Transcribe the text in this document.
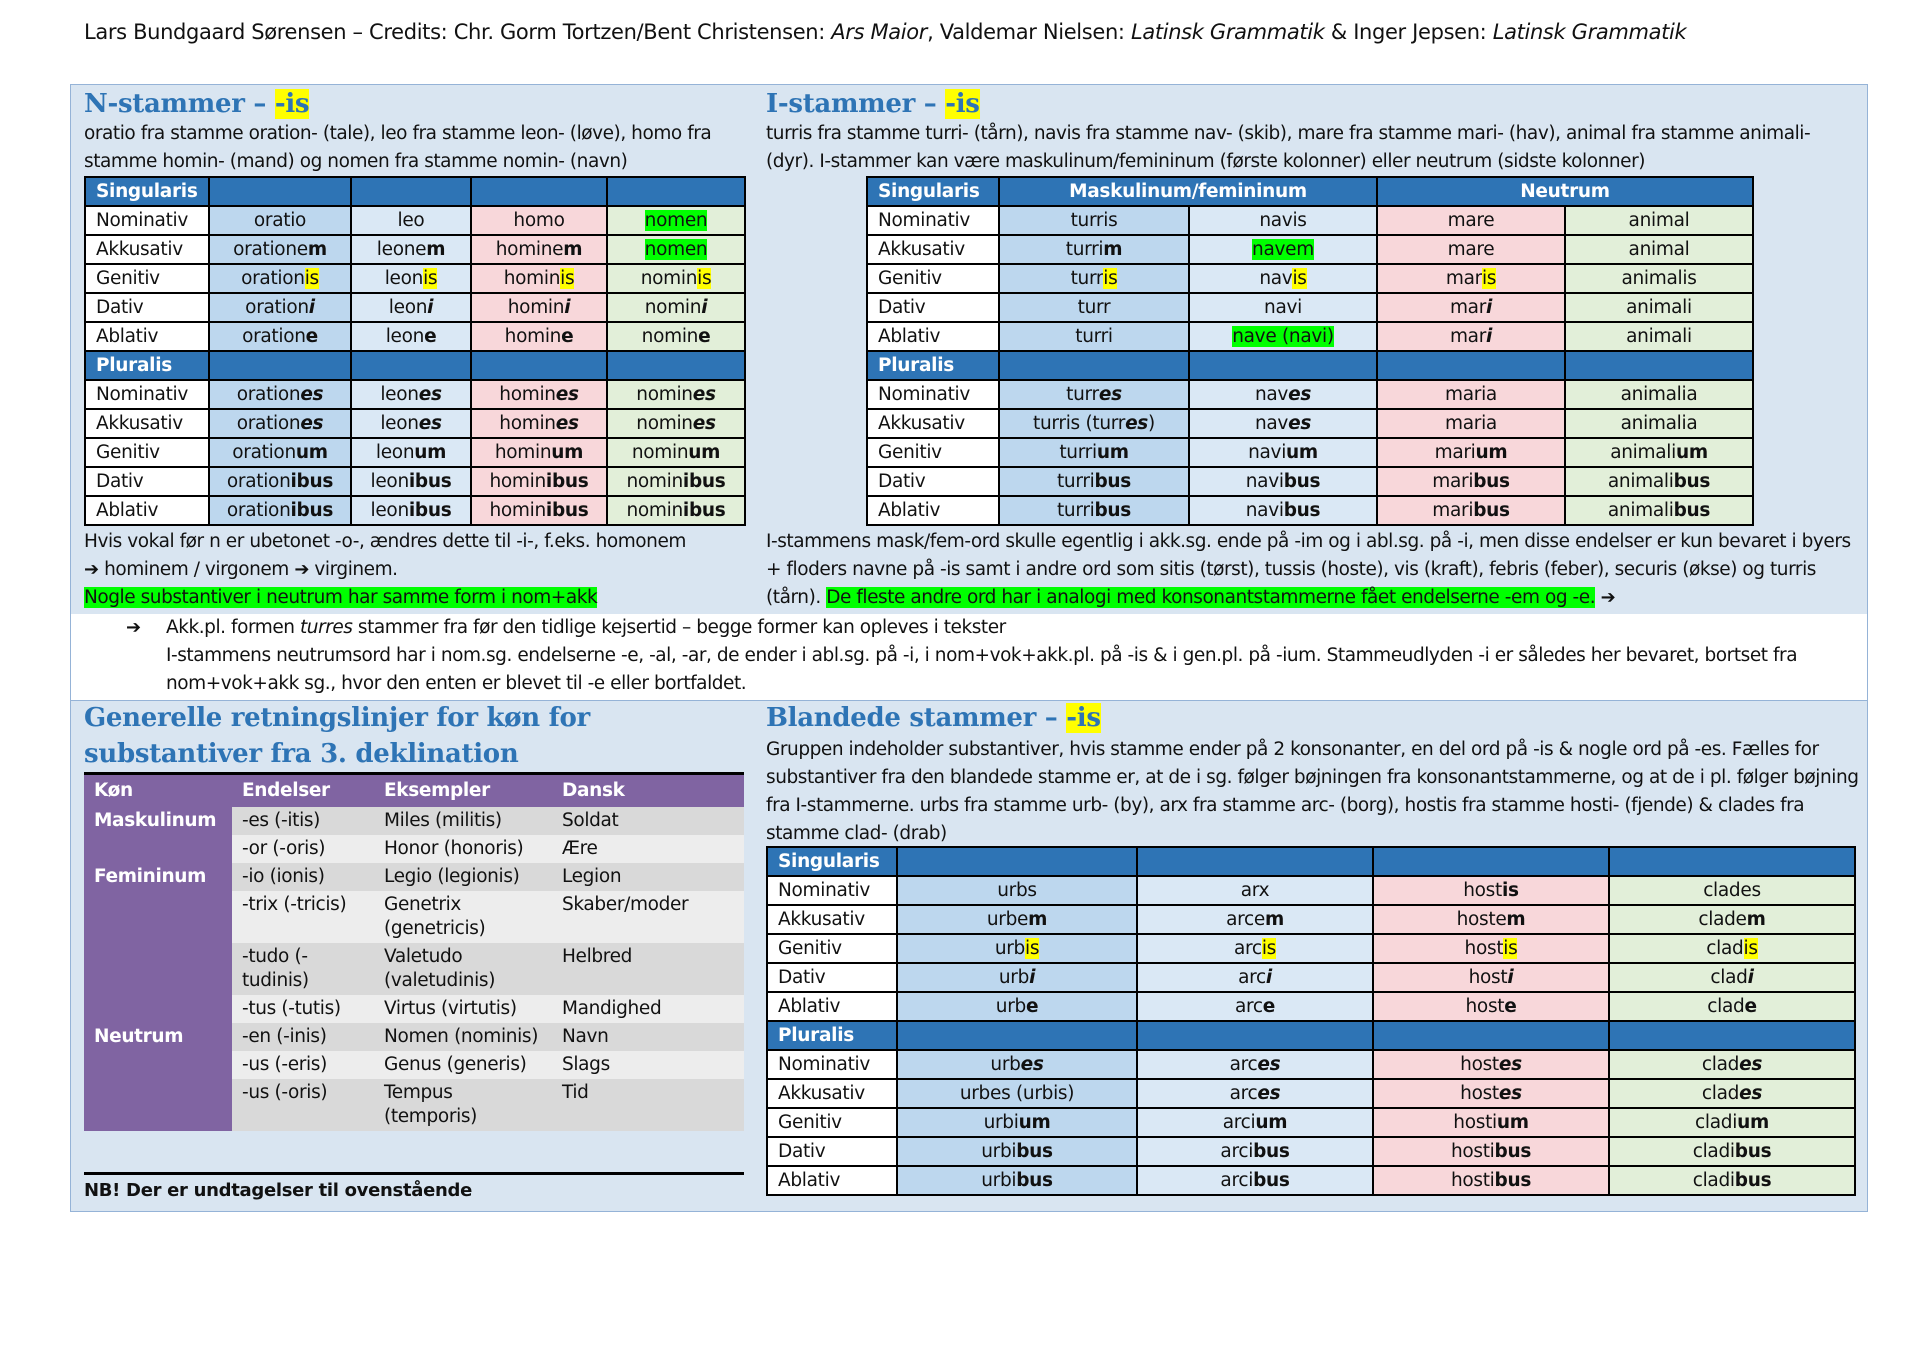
Lars Bundgaard Sørensen – Credits: Chr. Gorm Tortzen/Bent Christensen: Ars Maior, Valdemar Nielsen: Latinsk Grammatik & Inger Jepsen: Latinsk Grammatik
N-stammer – -is
oratio fra stamme oration- (tale), leo fra stamme leon- (løve), homo fra stamme homin- (mand) og nomen fra stamme nomin- (navn)
Singularis				
Nominativ	oratio	leo	homo	nomen
Akkusativ	orationem	leonem	hominem	nomen
Genitiv	orationis	leonis	hominis	nominis
Dativ	orationi	leoni	homini	nomini
Ablativ	oratione	leone	homine	nomine
Pluralis				
Nominativ	orationes	leones	homines	nomines
Akkusativ	orationes	leones	homines	nomines
Genitiv	orationum	leonum	hominum	nominum
Dativ	orationibus	leonibus	hominibus	nominibus
Ablativ	orationibus	leonibus	hominibus	nominibus
Hvis vokal før n er ubetonet -o-, ændres dette til -i-, f.eks. homonem
➔ hominem / virgonem ➔ virginem.
Nogle substantiver i neutrum har samme form i nom+akk
I-stammer – -is
turris fra stamme turri- (tårn), navis fra stamme nav- (skib), mare fra stamme mari- (hav), animal fra stamme animali- (dyr). I-stammer kan være maskulinum/femininum (første kolonner) eller neutrum (sidste kolonner)
Singularis	Maskulinum/femininum		Neutrum	
Nominativ	turris	navis	mare	animal
Akkusativ	turrim	navem	mare	animal
Genitiv	turris	navis	maris	animalis
Dativ	turr	navi	mari	animali
Ablativ	turri	nave (navi)	mari	animali
Pluralis				
Nominativ	turres	naves	maria	animalia
Akkusativ	turris (turres)	naves	maria	animalia
Genitiv	turrium	navium	marium	animalium
Dativ	turribus	navibus	maribus	animalibus
Ablativ	turribus	navibus	maribus	animalibus
I-stammens mask/fem-ord skulle egentlig i akk.sg. ende på -im og i abl.sg. på -i, men disse endelser er kun bevaret i byers + floders navne på -is samt i andre ord som sitis (tørst), tussis (hoste), vis (kraft), febris (feber), securis (økse) og turris (tårn). De fleste andre ord har i analogi med konsonantstammerne fået endelserne -em og -e. ➔
➔	Akk.pl. formen turres stammer fra før den tidlige kejsertid – begge former kan opleves i tekster
I-stammens neutrumsord har i nom.sg. endelserne -e, -al, -ar, de ender i abl.sg. på -i, i nom+vok+akk.pl. på -is & i gen.pl. på -ium. Stammeudlyden -i er således her bevaret, bortset fra nom+vok+akk sg., hvor den enten er blevet til -e eller bortfaldet.
Generelle retningslinjer for køn for
substantiver fra 3. deklination
Køn	Endelser	Eksempler	Dansk
Maskulinum	-es (-itis)	Miles (militis)	Soldat
	-or (-oris)	Honor (honoris)	Ære
Femininum	-io (ionis)	Legio (legionis)	Legion
	-trix (-tricis)	Genetrix (genetricis)	Skaber/moder
	-tudo (-tudinis)	Valetudo (valetudinis)	Helbred
	-tus (-tutis)	Virtus (virtutis)	Mandighed
Neutrum	-en (-inis)	Nomen (nominis)	Navn
	-us (-eris)	Genus (generis)	Slags
	-us (-oris)	Tempus (temporis)	Tid
NB! Der er undtagelser til ovenstående
Blandede stammer – -is
Gruppen indeholder substantiver, hvis stamme ender på 2 konsonanter, en del ord på -is & nogle ord på -es. Fælles for substantiver fra den blandede stamme er, at de i sg. følger bøjningen fra konsonantstammerne, og at de i pl. følger bøjning fra I-stammerne. urbs fra stamme urb- (by), arx fra stamme arc- (borg), hostis fra stamme hosti- (fjende) & clades fra stamme clad- (drab)
Singularis				
Nominativ	urbs	arx	hostis	clades
Akkusativ	urbem	arcem	hostem	cladem
Genitiv	urbis	arcis	hostis	cladis
Dativ	urbi	arci	hosti	cladi
Ablativ	urbe	arce	hoste	clade
Pluralis				
Nominativ	urbes	arces	hostes	clades
Akkusativ	urbes (urbis)	arces	hostes	clades
Genitiv	urbium	arcium	hostium	cladium
Dativ	urbibus	arcibus	hostibus	cladibus
Ablativ	urbibus	arcibus	hostibus	cladibus
